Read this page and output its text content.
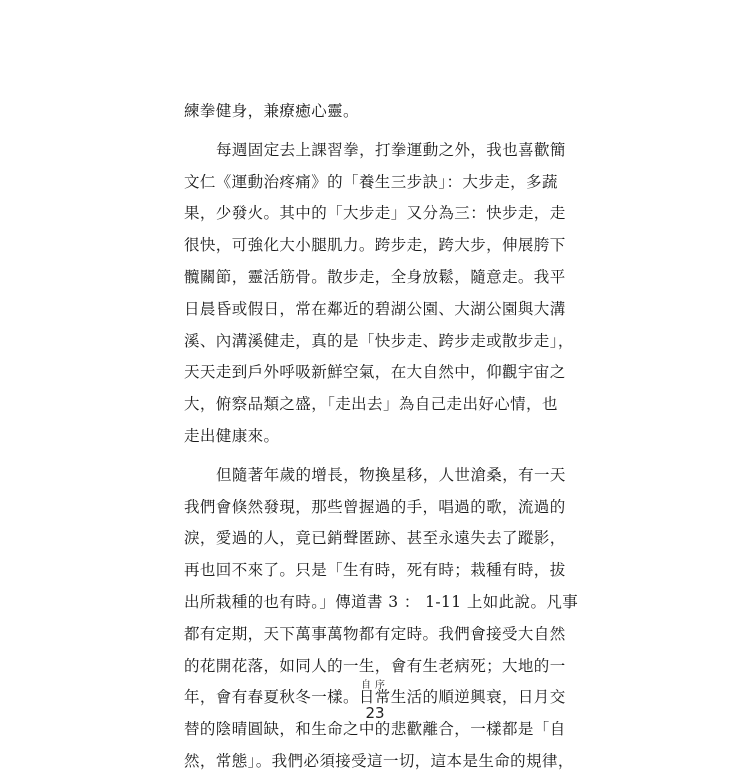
練拳健身，兼療癒心靈。
每週固定去上課習拳，打拳運動之外，我也喜歡簡
文仁《運動治疼痛》的「養生三步訣」：大步走，多蔬
果，少發火。其中的「大步走」又分為三：快步走，走
很快，可強化大小腿肌力。跨步走，跨大步，伸展胯下
髖關節，靈活筋骨。散步走，全身放鬆，隨意走。我平
日晨昏或假日，常在鄰近的碧湖公園、大湖公園與大溝
溪、內溝溪健走，真的是「快步走、跨步走或散步走」，
天天走到戶外呼吸新鮮空氣，在大自然中，仰觀宇宙之
大，俯察品類之盛，「走出去」為自己走出好心情，也
走出健康來。
但隨著年歲的增長，物換星移，人世滄桑，有一天
我們會倏然發現，那些曾握過的手，唱過的歌，流過的
淚，愛過的人，竟已銷聲匿跡、甚至永遠失去了蹤影，
再也回不來了。只是「生有時，死有時；栽種有時，拔
出所栽種的也有時。」傳道書 3 ： 1-11 上如此說。凡事
都有定期，天下萬事萬物都有定時。我們會接受大自然
的花開花落，如同人的一生，會有生老病死；大地的一
年，會有春夏秋冬一樣。日常生活的順逆興衰，日月交
替的陰晴圓缺，和生命之中的悲歡離合，一樣都是「自
然，常態」。我們必須接受這一切，這本是生命的規律，
自序
23
